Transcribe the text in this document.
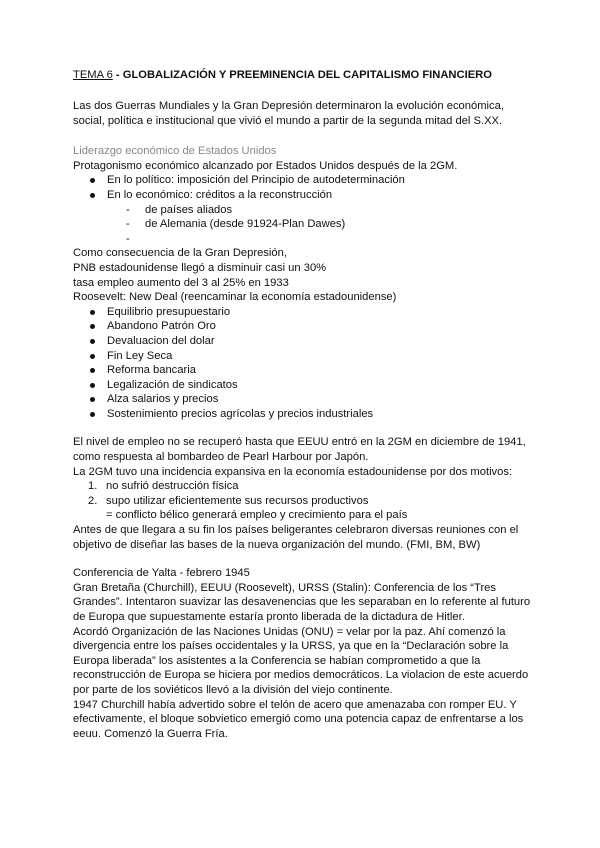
TEMA 6 - GLOBALIZACIÓN Y PREEMINENCIA DEL CAPITALISMO FINANCIERO

Las dos Guerras Mundiales y la Gran Depresión determinaron la evolución económica, social, política e institucional que vivió el mundo a partir de la segunda mitad del S.XX.

Liderazgo económico de Estados Unidos

Protagonismo económico alcanzado por Estados Unidos después de la 2GM.

En lo político: imposición del Principio de autodeterminación
En lo económico: créditos a la reconstrucción
- de países aliados
- de Alemania (desde 91924-Plan Dawes)
-

Como consecuencia de la Gran Depresión,

PNB estadounidense llegó a disminuir casi un 30%

tasa empleo aumento del 3 al 25% en 1933

Roosevelt: New Deal (reencaminar la economía estadounidense)

Equilibrio presupuestario
Abandono Patrón Oro
Devaluacion del dolar
Fin Ley Seca
Reforma bancaria
Legalización de sindicatos
Alza salarios y precios
Sostenimiento precios agrícolas y precios industriales

El nivel de empleo no se recuperó hasta que EEUU entró en la 2GM en diciembre de 1941, como respuesta al bombardeo de Pearl Harbour por Japón.

La 2GM tuvo una incidencia expansiva en la economía estadounidense por dos motivos:

1. no sufrió destrucción física
2. supo utilizar eficientemente sus recursos productivos

= conflicto bélico generará empleo y crecimiento para el país

Antes de que llegara a su fin los países beligerantes celebraron diversas reuniones con el objetivo de diseñar las bases de la nueva organización del mundo. (FMI, BM, BW)

Conferencia de Yalta - febrero 1945

Gran Bretaña (Churchill), EEUU (Roosevelt), URSS (Stalin): Conferencia de los “Tres Grandes”. Intentaron suavizar las desavenencias que les separaban en lo referente al futuro de Europa que supuestamente estaría pronto liberada de la dictadura de Hitler.

Acordó Organización de las Naciones Unidas (ONU) = velar por la paz. Ahí comenzó la divergencia entre los países occidentales y la URSS, ya que en la “Declaración sobre la Europa liberada” los asistentes a la Conferencia se habían comprometido a que la reconstrucción de Europa se hiciera por medios democráticos. La violacion de este acuerdo por parte de los soviéticos llevó a la división del viejo continente.

1947 Churchill había advertido sobre el telón de acero que amenazaba con romper EU. Y efectivamente, el bloque sobvietico emergió como una potencia capaz de enfrentarse a los eeuu. Comenzó la Guerra Fría.
